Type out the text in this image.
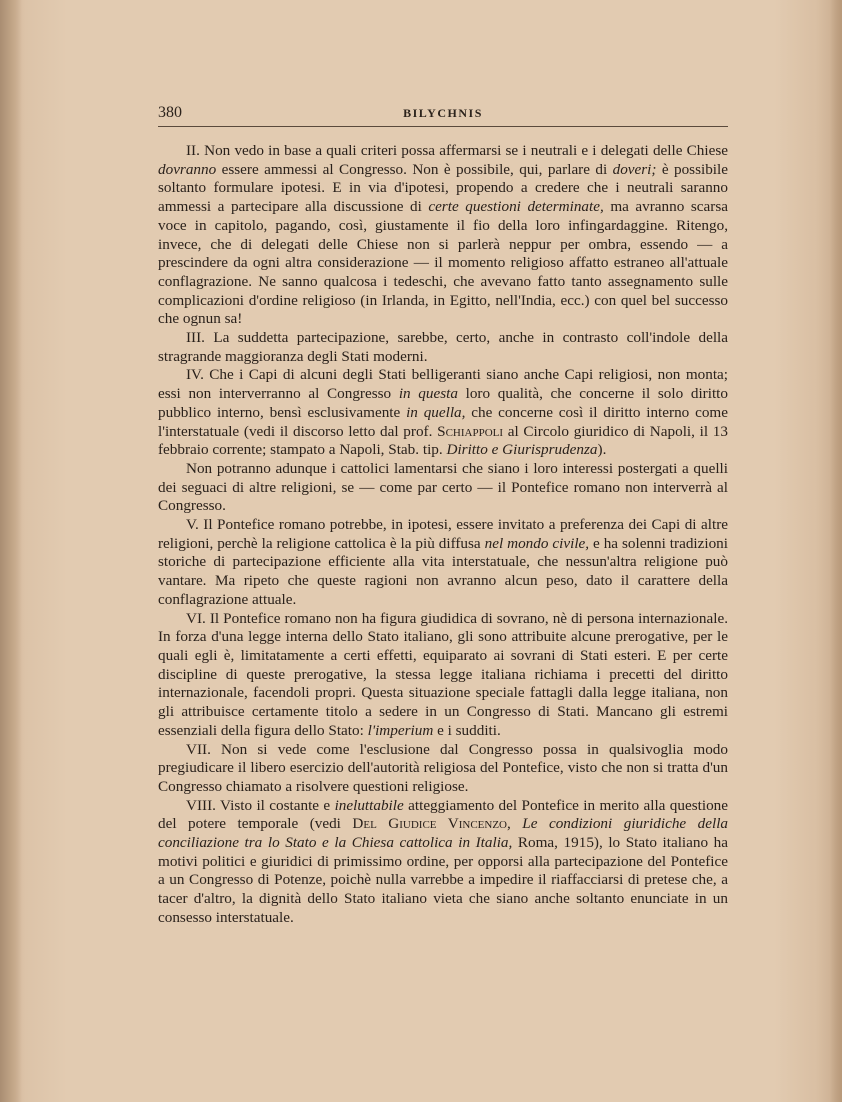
380	BILYCHNIS

II. Non vedo in base a quali criteri possa affermarsi se i neutrali e i delegati delle Chiese dovranno essere ammessi al Congresso. Non è possibile, qui, parlare di doveri; è possibile soltanto formulare ipotesi. E in via d'ipotesi, propendo a credere che i neutrali saranno ammessi a partecipare alla discussione di certe questioni determinate, ma avranno scarsa voce in capitolo, pagando, così, giustamente il fio della loro infingardaggine. Ritengo, invece, che di delegati delle Chiese non si parlerà neppur per ombra, essendo — a prescindere da ogni altra considerazione — il momento religioso affatto estraneo all'attuale conflagrazione. Ne sanno qualcosa i tedeschi, che avevano fatto tanto assegnamento sulle complicazioni d'ordine religioso (in Irlanda, in Egitto, nell'India, ecc.) con quel bel successo che ognun sa!

III. La suddetta partecipazione, sarebbe, certo, anche in contrasto coll'indole della stragrande maggioranza degli Stati moderni.

IV. Che i Capi di alcuni degli Stati belligeranti siano anche Capi religiosi, non monta; essi non interverranno al Congresso in questa loro qualità, che concerne il solo diritto pubblico interno, bensì esclusivamente in quella, che concerne così il diritto interno come l'interstatuale (vedi il discorso letto dal prof. Schiappoli al Circolo giuridico di Napoli, il 13 febbraio corrente; stampato a Napoli, Stab. tip. Diritto e Giurisprudenza).

Non potranno adunque i cattolici lamentarsi che siano i loro interessi postergati a quelli dei seguaci di altre religioni, se — come par certo — il Pontefice romano non interverrà al Congresso.

V. Il Pontefice romano potrebbe, in ipotesi, essere invitato a preferenza dei Capi di altre religioni, perchè la religione cattolica è la più diffusa nel mondo civile, e ha solenni tradizioni storiche di partecipazione efficiente alla vita interstatuale, che nessun'altra religione può vantare. Ma ripeto che queste ragioni non avranno alcun peso, dato il carattere della conflagrazione attuale.

VI. Il Pontefice romano non ha figura giudidica di sovrano, nè di persona internazionale. In forza d'una legge interna dello Stato italiano, gli sono attribuite alcune prerogative, per le quali egli è, limitatamente a certi effetti, equiparato ai sovrani di Stati esteri. E per certe discipline di queste prerogative, la stessa legge italiana richiama i precetti del diritto internazionale, facendoli propri. Questa situazione speciale fattagli dalla legge italiana, non gli attribuisce certamente titolo a sedere in un Congresso di Stati. Mancano gli estremi essenziali della figura dello Stato: l'imperium e i sudditi.

VII. Non si vede come l'esclusione dal Congresso possa in qualsivoglia modo pregiudicare il libero esercizio dell'autorità religiosa del Pontefice, visto che non si tratta d'un Congresso chiamato a risolvere questioni religiose.

VIII. Visto il costante e ineluttabile atteggiamento del Pontefice in merito alla questione del potere temporale (vedi Del Giudice Vincenzo, Le condizioni giuridiche della conciliazione tra lo Stato e la Chiesa cattolica in Italia, Roma, 1915), lo Stato italiano ha motivi politici e giuridici di primissimo ordine, per opporsi alla partecipazione del Pontefice a un Congresso di Potenze, poichè nulla varrebbe a impedire il riaffacciarsi di pretese che, a tacer d'altro, la dignità dello Stato italiano vieta che siano anche soltanto enunciate in un consesso interstatuale.
